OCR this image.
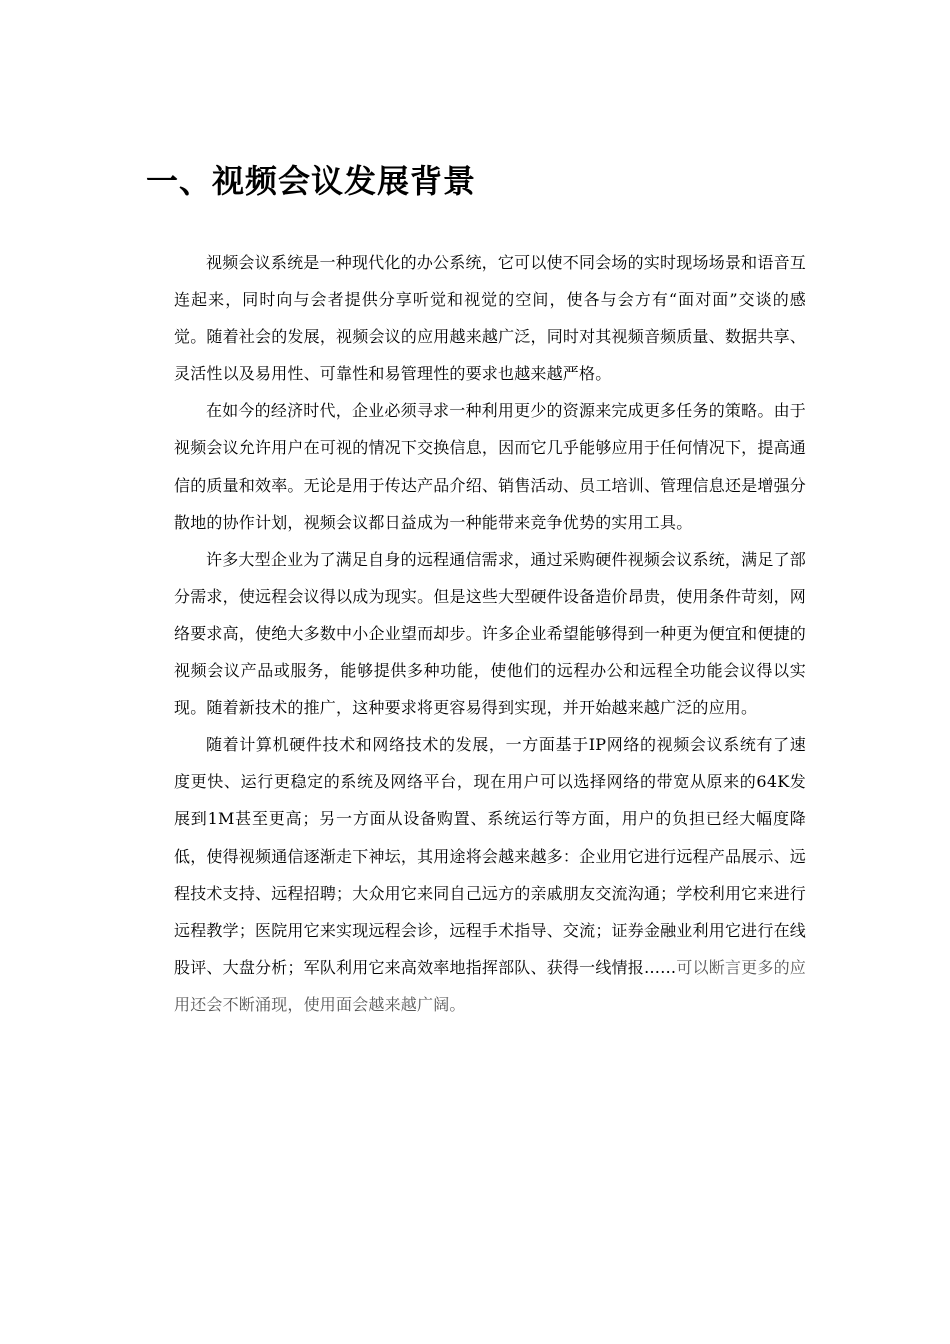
一、视频会议发展背景

视频会议系统是一种现代化的办公系统，它可以使不同会场的实时现场场景和语音互连起来，同时向与会者提供分享听觉和视觉的空间，使各与会方有“面对面”交谈的感觉。随着社会的发展，视频会议的应用越来越广泛，同时对其视频音频质量、数据共享、灵活性以及易用性、可靠性和易管理性的要求也越来越严格。

在如今的经济时代，企业必须寻求一种利用更少的资源来完成更多任务的策略。由于视频会议允许用户在可视的情况下交换信息，因而它几乎能够应用于任何情况下，提高通信的质量和效率。无论是用于传达产品介绍、销售活动、员工培训、管理信息还是增强分散地的协作计划，视频会议都日益成为一种能带来竞争优势的实用工具。

许多大型企业为了满足自身的远程通信需求，通过采购硬件视频会议系统，满足了部分需求，使远程会议得以成为现实。但是这些大型硬件设备造价昂贵，使用条件苛刻，网络要求高，使绝大多数中小企业望而却步。许多企业希望能够得到一种更为便宜和便捷的视频会议产品或服务，能够提供多种功能，使他们的远程办公和远程全功能会议得以实现。随着新技术的推广，这种要求将更容易得到实现，并开始越来越广泛的应用。

随着计算机硬件技术和网络技术的发展，一方面基于IP网络的视频会议系统有了速度更快、运行更稳定的系统及网络平台，现在用户可以选择网络的带宽从原来的64K发展到1M甚至更高；另一方面从设备购置、系统运行等方面，用户的负担已经大幅度降低，使得视频通信逐渐走下神坛，其用途将会越来越多：企业用它进行远程产品展示、远程技术支持、远程招聘；大众用它来同自己远方的亲戚朋友交流沟通；学校利用它来进行远程教学；医院用它来实现远程会诊，远程手术指导、交流；证券金融业利用它进行在线股评、大盘分析；军队利用它来高效率地指挥部队、获得一线情报……可以断言更多的应用还会不断涌现，使用面会越来越广阔。
